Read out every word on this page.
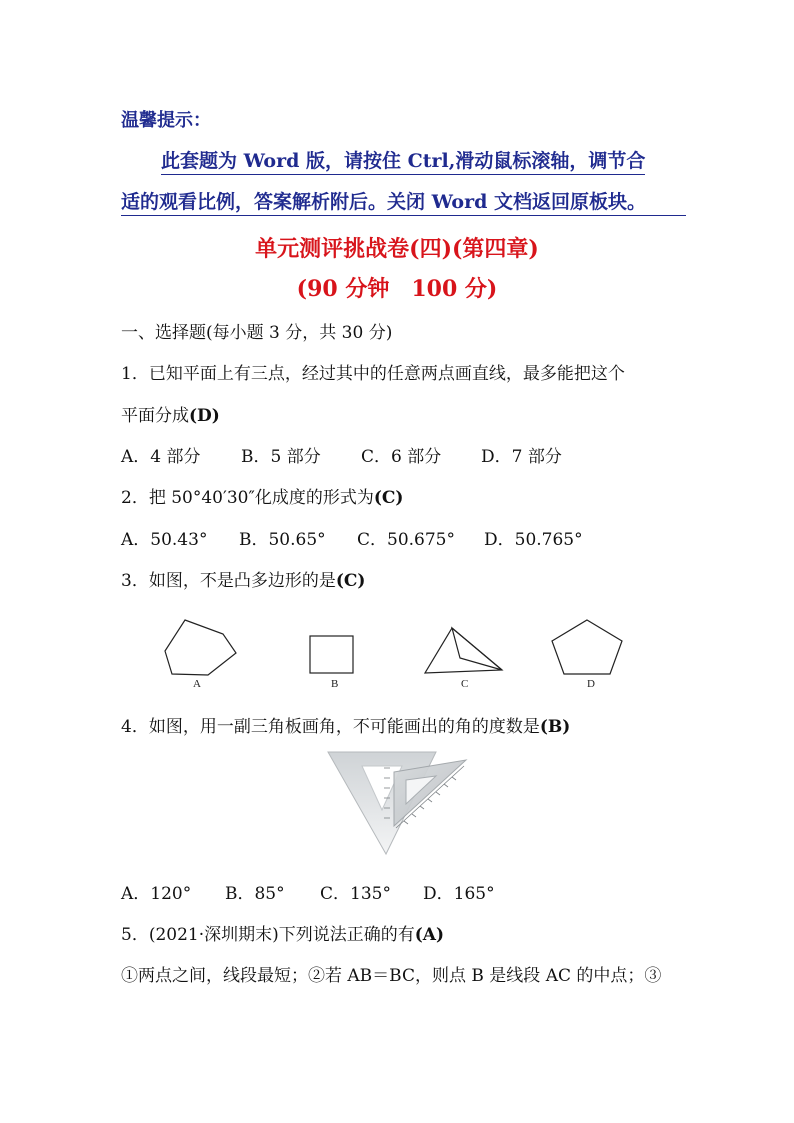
温馨提示：
此套题为 Word 版，请按住 Ctrl,滑动鼠标滚轴，调节合
适的观看比例，答案解析附后。关闭 Word 文档返回原板块。
单元测评挑战卷(四)(第四章)
(90 分钟　100 分)
一、选择题(每小题 3 分，共 30 分)
1．已知平面上有三点，经过其中的任意两点画直线，最多能把这个
平面分成(D)
A．4 部分 B．5 部分 C．6 部分 D．7 部分
2．把 50°40′30″化成度的形式为(C)
A．50.43° B．50.65° C．50.675° D．50.765°
3．如图，不是凸多边形的是(C)
A	B	C	D
4．如图，用一副三角板画角，不可能画出的角的度数是(B)
A．120° B．85° C．135° D．165°
5．(2021·深圳期末)下列说法正确的有(A)
①两点之间，线段最短；②若 AB＝BC，则点 B 是线段 AC 的中点；③
